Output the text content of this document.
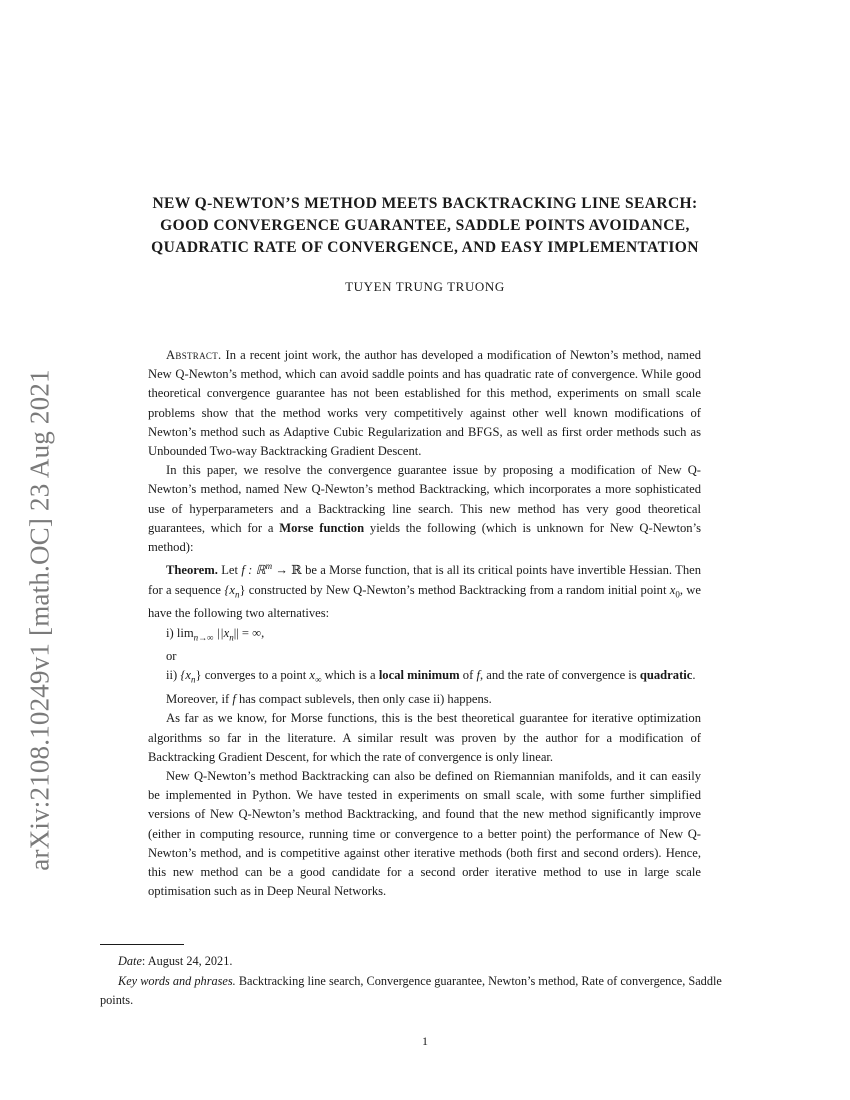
arXiv:2108.10249v1 [math.OC] 23 Aug 2021
NEW Q-NEWTON’S METHOD MEETS BACKTRACKING LINE SEARCH:
GOOD CONVERGENCE GUARANTEE, SADDLE POINTS AVOIDANCE,
QUADRATIC RATE OF CONVERGENCE, AND EASY IMPLEMENTATION
TUYEN TRUNG TRUONG

Abstract. In a recent joint work, the author has developed a modification of Newton’s method, named New Q-Newton’s method, which can avoid saddle points and has quadratic rate of convergence. While good theoretical convergence guarantee has not been established for this method, experiments on small scale problems show that the method works very competitively against other well known modifications of Newton’s method such as Adaptive Cubic Regularization and BFGS, as well as first order methods such as Unbounded Two-way Backtracking Gradient Descent.

In this paper, we resolve the convergence guarantee issue by proposing a modification of New Q-Newton’s method, named New Q-Newton’s method Backtracking, which incorporates a more sophisticated use of hyperparameters and a Backtracking line search. This new method has very good theoretical guarantees, which for a Morse function yields the following (which is unknown for New Q-Newton’s method):

Theorem. Let f : ℝ$^m$ → ℝ be a Morse function, that is all its critical points have invertible Hessian. Then for a sequence $\{x_n\}$ constructed by New Q-Newton’s method Backtracking from a random initial point $x_0$, we have the following two alternatives:

i) $\lim_{n\to\infty} ||x_n||$ = ∞,

or

ii) $\{x_n\}$ converges to a point $x_\infty$ which is a local minimum of f, and the rate of convergence is quadratic.

Moreover, if f has compact sublevels, then only case ii) happens.

As far as we know, for Morse functions, this is the best theoretical guarantee for iterative optimization algorithms so far in the literature. A similar result was proven by the author for a modification of Backtracking Gradient Descent, for which the rate of convergence is only linear.

New Q-Newton’s method Backtracking can also be defined on Riemannian manifolds, and it can easily be implemented in Python. We have tested in experiments on small scale, with some further simplified versions of New Q-Newton’s method Backtracking, and found that the new method significantly improve (either in computing resource, running time or convergence to a better point) the performance of New Q-Newton’s method, and is competitive against other iterative methods (both first and second orders). Hence, this new method can be a good candidate for a second order iterative method to use in large scale optimisation such as in Deep Neural Networks.

Date: August 24, 2021.

Key words and phrases. Backtracking line search, Convergence guarantee, Newton’s method, Rate of convergence, Saddle points.

1
